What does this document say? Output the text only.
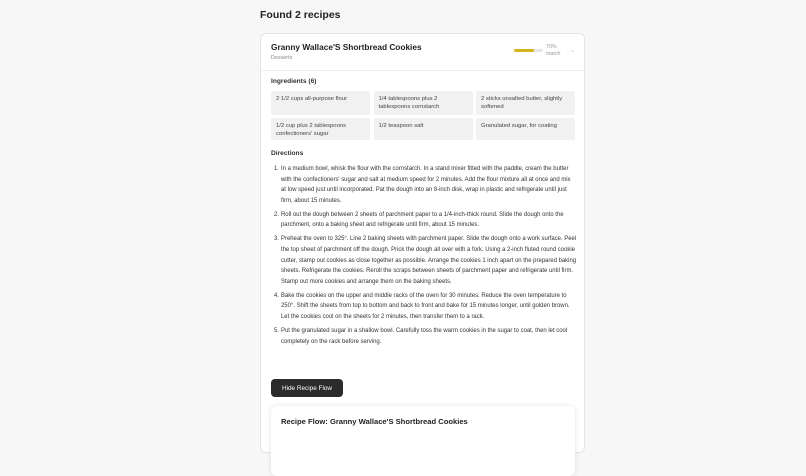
Found 2 recipes
Granny Wallace'S Shortbread Cookies
Desserts
70% match	⌄
Ingredients (6)
2 1/2 cups all-purpose flour	1/4 tablespoons plus 2 tablespoons cornstarch
2 sticks unsalted butter, slightly softened
1/2 cup plus 2 tablespoons confectioners' sugar
1/2 teaspoon salt	Granulated sugar, for coating
Directions
1. In a medium bowl, whisk the flour with the cornstarch. In a stand mixer fitted with the paddle, cream the butter with the confectioners' sugar and salt at medium speed for 2 minutes. Add the flour mixture all at once and mix at low speed just until incorporated. Pat the dough into an 8-inch disk, wrap in plastic and refrigerate until just firm, about 15 minutes.
2. Roll out the dough between 2 sheets of parchment paper to a 1/4-inch-thick round. Slide the dough onto the parchment, onto a baking sheet and refrigerate until firm, about 15 minutes.
3. Preheat the oven to 325°. Line 2 baking sheets with parchment paper. Slide the dough onto a work surface. Peel the top sheet of parchment off the dough. Prick the dough all over with a fork. Using a 2-inch fluted round cookie cutter, stamp out cookies as close together as possible. Arrange the cookies 1 inch apart on the prepared baking sheets. Refrigerate the cookies. Reroll the scraps between sheets of parchment paper and refrigerate until firm. Stamp out more cookies and arrange them on the baking sheets.
4. Bake the cookies on the upper and middle racks of the oven for 30 minutes. Reduce the oven temperature to 250°. Shift the sheets from top to bottom and back to front and bake for 15 minutes longer, until golden brown. Let the cookies cool on the sheets for 2 minutes, then transfer them to a rack.
5. Put the granulated sugar in a shallow bowl. Carefully toss the warm cookies in the sugar to coat, then let cool completely on the rack before serving.
Hide Recipe Flow
Recipe Flow: Granny Wallace'S Shortbread Cookies
